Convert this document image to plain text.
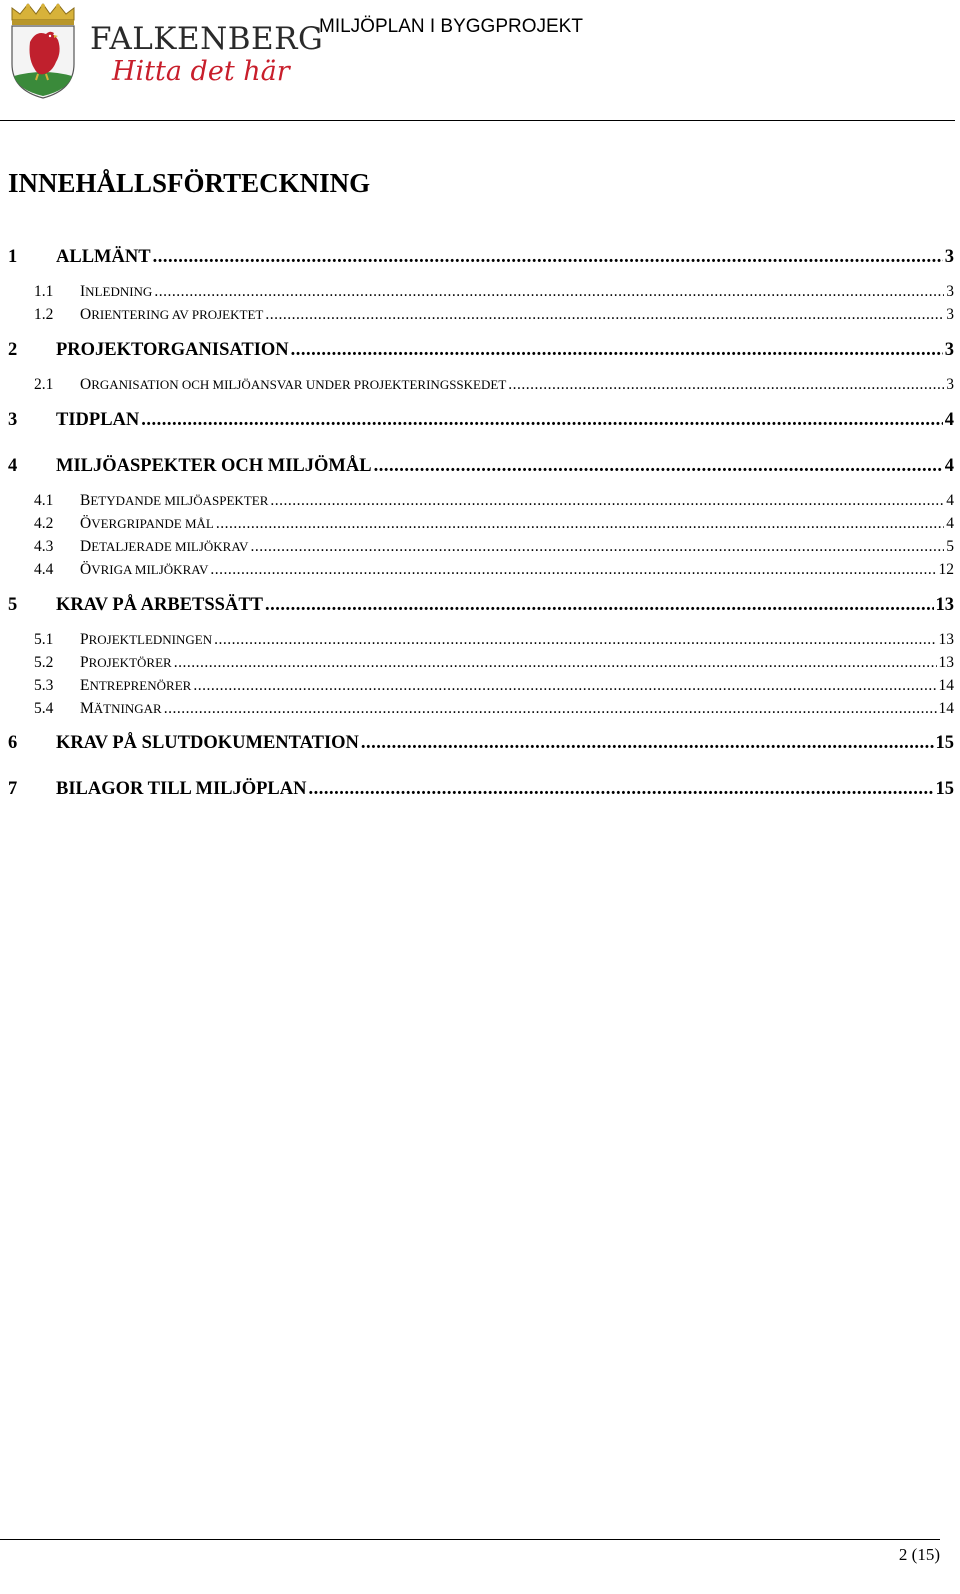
FALKENBERG
Hitta det här
MILJÖPLAN I BYGGPROJEKT
INNEHÅLLSFÖRTECKNING
1	ALLMÄNT .....	3
1.1	INLEDNING .....	3
1.2	ORIENTERING AV PROJEKTET .....	3
2	PROJEKTORGANISATION .....	3
2.1	ORGANISATION OCH MILJÖANSVAR UNDER PROJEKTERINGSSKEDET .....	3
3	TIDPLAN .....	4
4	MILJÖASPEKTER OCH MILJÖMÅL .....	4
4.1	BETYDANDE MILJÖASPEKTER .....	4
4.2	ÖVERGRIPANDE MÅL .....	4
4.3	DETALJERADE MILJÖKRAV .....	5
4.4	ÖVRIGA MILJÖKRAV .....	12
5	KRAV PÅ ARBETSSÄTT .....	13
5.1	PROJEKTLEDNINGEN .....	13
5.2	PROJEKTÖRER .....	13
5.3	ENTREPRENÖRER .....	14
5.4	MÄTNINGAR .....	14
6	KRAV PÅ SLUTDOKUMENTATION .....	15
7	BILAGOR TILL MILJÖPLAN .....	15
2 (15)
